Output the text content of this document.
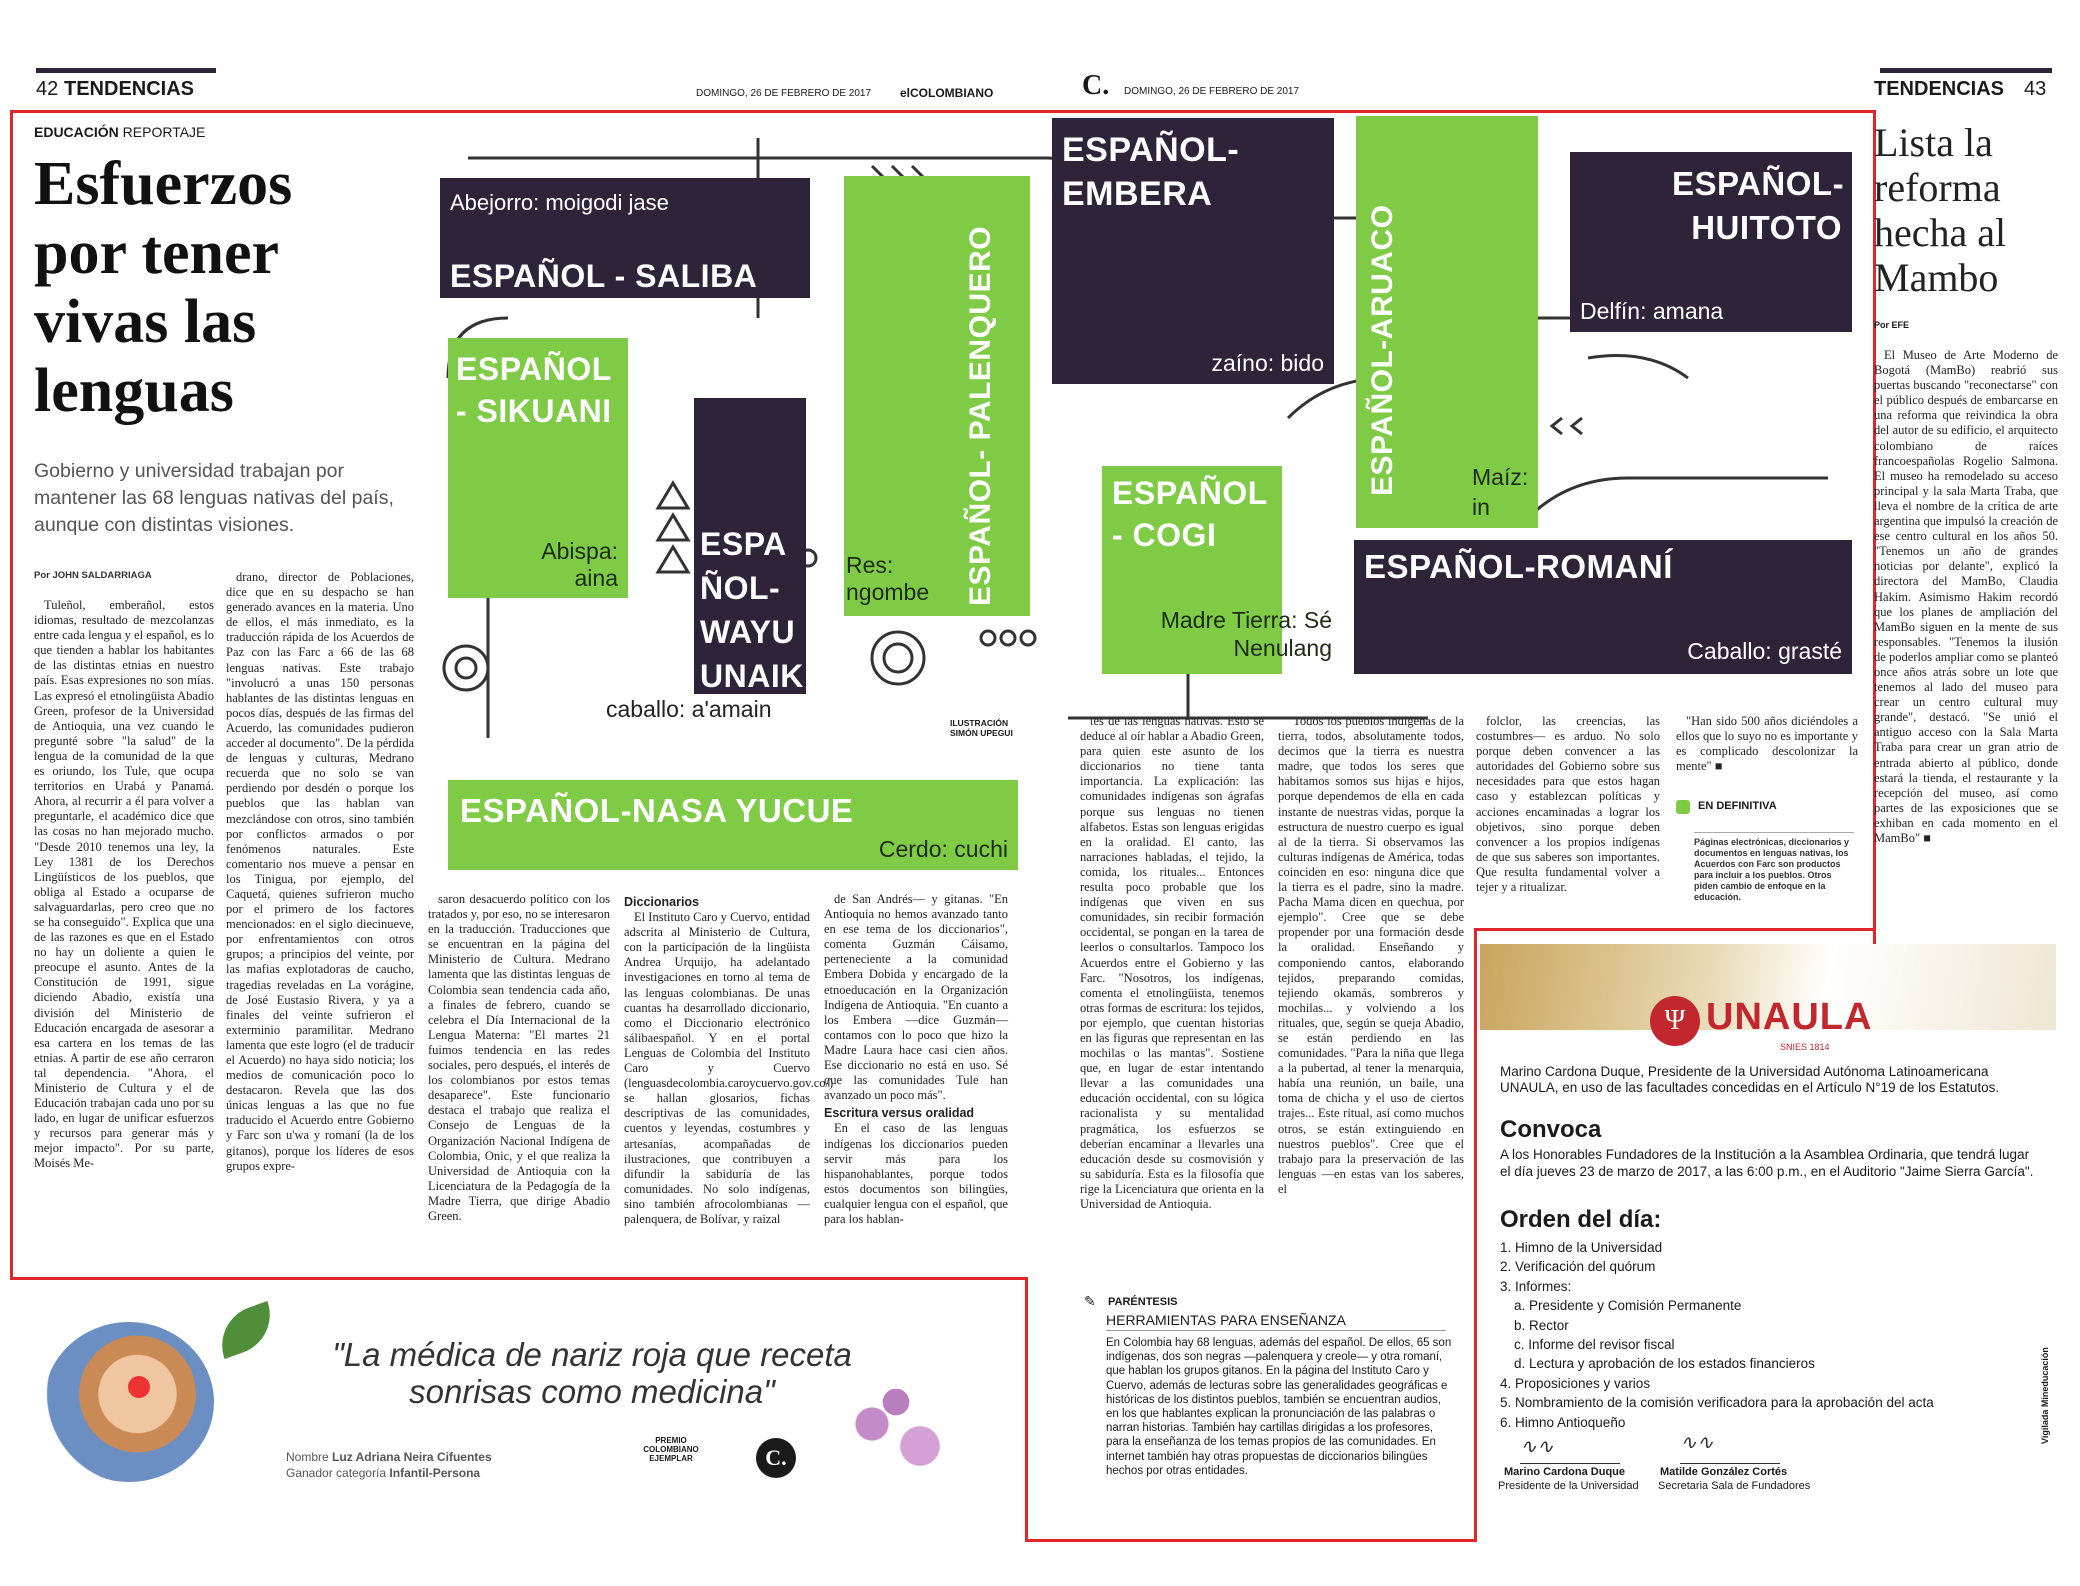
42 TENDENCIAS	DOMINGO, 26 DE FEBRERO DE 2017 elCOLOMBIANO	C. DOMINGO, 26 DE FEBRERO DE 2017	TENDENCIAS 43
EDUCACIÓN REPORTAJE
Esfuerzos por tener vivas las lenguas
Gobierno y universidad trabajan por mantener las 68 lenguas nativas del país, aunque con distintas visiones.
Por JOHN SALDARRIAGA

Tuleñol, emberañol, estos idiomas, resultado de mezcolanzas entre cada lengua y el español, es lo que tienden a hablar los habitantes de las distintas etnias en nuestro país. Esas expresiones no son mías. Las expresó el etnolingüista Abadio Green, profesor de la Universidad de Antioquia, una vez cuando le pregunté sobre "la salud" de la lengua de la comunidad de la que es oriundo, los Tule, que ocupa territorios en Urabá y Panamá. Ahora, al recurrir a él para volver a preguntarle, el académico dice que las cosas no han mejorado mucho. "Desde 2010 tenemos una ley, la Ley 1381 de los Derechos Lingüísticos de los pueblos, que obliga al Estado a ocuparse de salvaguardarlas, pero creo que no se ha conseguido". Explica que una de las razones es que en el Estado no hay un doliente a quien le preocupe el asunto. Antes de la Constitución de 1991, sigue diciendo Abadio, existía una división del Ministerio de Educación encargada de asesorar a esa cartera en los temas de las etnias. A partir de ese año cerraron tal dependencia. "Ahora, el Ministerio de Cultura y el de Educación trabajan cada uno por su lado, en lugar de unificar esfuerzos y recursos para generar más y mejor impacto". Por su parte, Moisés Me-

drano, director de Poblaciones, dice que en su despacho se han generado avances en la materia. Uno de ellos, el más inmediato, es la traducción rápida de los Acuerdos de Paz con las Farc a 66 de las 68 lenguas nativas. Este trabajo "involucró a unas 150 personas hablantes de las distintas lenguas en pocos días, después de las firmas del Acuerdo, las comunidades pudieron acceder al documento". De la pérdida de lenguas y culturas, Medrano recuerda que no solo se van perdiendo por desdén o porque los pueblos que las hablan van mezclándose con otros, sino también por conflictos armados o por fenómenos naturales. Este comentario nos mueve a pensar en los Tinigua, por ejemplo, del Caquetá, quienes sufrieron mucho por el primero de los factores mencionados: en el siglo diecinueve, por enfrentamientos con otros grupos; a principios del veinte, por las mafias explotadoras de caucho, tragedias reveladas en La vorágine, de José Eustasio Rivera, y ya a finales del veinte sufrieron el exterminio paramilitar. Medrano lamenta que este logro (el de traducir el Acuerdo) no haya sido noticia; los medios de comunicación poco lo destacaron. Revela que las dos únicas lenguas a las que no fue traducido el Acuerdo entre Gobierno y Farc son u'wa y romaní (la de los gitanos), porque los líderes de esos grupos expre-

saron desacuerdo político con los tratados y, por eso, no se interesaron en la traducción. Traducciones que se encuentran en la página del Ministerio de Cultura. Medrano lamenta que las distintas lenguas de Colombia sean tendencia cada año, a finales de febrero, cuando se celebra el Día Internacional de la Lengua Materna: "El martes 21 fuimos tendencia en las redes sociales, pero después, el interés de los colombianos por estos temas desaparece". Este funcionario destaca el trabajo que realiza el Consejo de Lenguas de la Organización Nacional Indígena de Colombia, Onic, y el que realiza la Universidad de Antioquia con la Licenciatura de la Pedagogía de la Madre Tierra, que dirige Abadio Green.

Diccionarios

El Instituto Caro y Cuervo, entidad adscrita al Ministerio de Cultura, con la participación de la lingüista Andrea Urquijo, ha adelantado investigaciones en torno al tema de las lenguas colombianas. De unas cuantas ha desarrollado diccionario, como el Diccionario electrónico sálibaespañol. Y en el portal Lenguas de Colombia del Instituto Caro y Cuervo (lenguasdecolombia.caroycuervo.gov.co/) se hallan glosarios, fichas descriptivas de las comunidades, cuentos y leyendas, costumbres y artesanías, acompañadas de ilustraciones, que contribuyen a difundir la sabiduría de las comunidades. No solo indígenas, sino también afrocolombianas — palenquera, de Bolívar, y raizal

de San Andrés— y gitanas. "En Antioquia no hemos avanzado tanto en ese tema de los diccionarios", comenta Guzmán Cáisamo, perteneciente a la comunidad Embera Dobida y encargado de la etnoeducación en la Organización Indígena de Antioquia. "En cuanto a los Embera —dice Guzmán— contamos con lo poco que hizo la Madre Laura hace casi cien años. Ese diccionario no está en uso. Sé que las comunidades Tule han avanzado un poco más".

Escritura versus oralidad

En el caso de las lenguas indígenas los diccionarios pueden servir más para los hispanohablantes, porque todos estos documentos son bilingües, cualquier lengua con el español, que para los hablan-

tes de las lenguas nativas. Esto se deduce al oír hablar a Abadio Green, para quien este asunto de los diccionarios no tiene tanta importancia. La explicación: las comunidades indígenas son ágrafas porque sus lenguas no tienen alfabetos. Estas son lenguas erigidas en la oralidad. El canto, las narraciones habladas, el tejido, la comida, los rituales... Entonces resulta poco probable que los indígenas que viven en sus comunidades, sin recibir formación occidental, se pongan en la tarea de leerlos o consultarlos. Tampoco los Acuerdos entre el Gobierno y las Farc. "Nosotros, los indígenas, comenta el etnolingüista, tenemos otras formas de escritura: los tejidos, por ejemplo, que cuentan historias en las figuras que representan en las mochilas o las mantas". Sostiene que, en lugar de estar intentando llevar a las comunidades una educación occidental, con su lógica racionalista y su mentalidad pragmática, los esfuerzos se deberían encaminar a llevarles una educación desde su cosmovisión y su sabiduría. Esta es la filosofía que rige la Licenciatura que orienta en la Universidad de Antioquia.

"Todos los pueblos indígenas de la tierra, todos, absolutamente todos, decimos que la tierra es nuestra madre, que todos los seres que habitamos somos sus hijas e hijos, porque dependemos de ella en cada instante de nuestras vidas, porque la estructura de nuestro cuerpo es igual al de la tierra. Si observamos las culturas indígenas de América, todas coinciden en eso: ninguna dice que la tierra es el padre, sino la madre. Pacha Mama dicen en quechua, por ejemplo". Cree que se debe propender por una formación desde la oralidad. Enseñando y componiendo cantos, elaborando tejidos, preparando comidas, tejiendo okamás, sombreros y mochilas... y volviendo a los rituales, que, según se queja Abadio, se están perdiendo en las comunidades. "Para la niña que llega a la pubertad, al tener la menarquia, había una reunión, un baile, una toma de chicha y el uso de ciertos trajes... Este ritual, así como muchos otros, se están extinguiendo en nuestros pueblos". Cree que el trabajo para la preservación de las lenguas —en estas van los saberes, el

folclor, las creencias, las costumbres— es arduo. No solo porque deben convencer a las autoridades del Gobierno sobre sus necesidades para que estos hagan caso y establezcan políticas y acciones encaminadas a lograr los objetivos, sino porque deben convencer a los propios indígenas de que sus saberes son importantes. Que resulta fundamental volver a tejer y a ritualizar.

"Han sido 500 años diciéndoles a ellos que lo suyo no es importante y es complicado descolonizar la mente" ■

EN DEFINITIVA
Páginas electrónicas, diccionarios y documentos en lenguas nativas, los Acuerdos con Farc son productos para incluir a los pueblos. Otros piden cambio de enfoque en la educación.
Abejorro: moigodi jase
ESPAÑOL - SALIBA
ESPAÑOL - SIKUANI
Abispa: aina
ESPA ÑOL- WAYU UNAIKI
caballo: a'amain
Res: ngombe ESPAÑOL- PALENQUERO
ESPAÑOL- EMBERA
zaíno: bido ESPAÑOL-ARUACO	Maíz: in
ESPAÑOL- HUITOTO
Delfín: amana
ESPAÑOL - COGI
Madre Tierra: Sé Nenulang
ESPAÑOL-ROMANÍ
Caballo: grasté
ESPAÑOL-NASA YUCUE
Cerdo: cuchi
ILUSTRACIÓN
SIMÓN UPEGUI
✎ PARÉNTESIS
HERRAMIENTAS PARA ENSEÑANZA
En Colombia hay 68 lenguas, además del español. De ellos, 65 son indígenas, dos son negras —palenquera y creole— y otra romaní, que hablan los grupos gitanos. En la página del Instituto Caro y Cuervo, además de lecturas sobre las generalidades geográficas e históricas de los distintos pueblos, también se encuentran audios, en los que hablantes explican la pronunciación de las palabras o narran historias. También hay cartillas dirigidas a los profesores, para la enseñanza de los temas propios de las comunidades. En internet también hay otras propuestas de diccionarios bilingües hechos por otras entidades.
Lista la reforma hecha al Mambo
Por EFE

El Museo de Arte Moderno de Bogotá (MamBo) reabrió sus puertas buscando "reconectarse" con el público después de embarcarse en una reforma que reivindica la obra del autor de su edificio, el arquitecto colombiano de raíces francoespañolas Rogelio Salmona. El museo ha remodelado su acceso principal y la sala Marta Traba, que lleva el nombre de la crítica de arte argentina que impulsó la creación de ese centro cultural en los años 50. "Tenemos un año de grandes noticias por delante", explicó la directora del MamBo, Claudia Hakim. Asimismo Hakim recordó que los planes de ampliación del MamBo siguen en la mente de sus responsables. "Tenemos la ilusión de poderlos ampliar como se planteó once años atrás sobre un lote que tenemos al lado del museo para crear un centro cultural muy grande", destacó. "Se unió el antiguo acceso con la Sala Marta Traba para crear un gran atrio de entrada abierto al público, donde estará la tienda, el restaurante y la recepción del museo, así como partes de las exposiciones que se exhiban en cada momento en el MamBo" ■

"La médica de nariz roja que receta sonrisas como medicina"
Nombre Luz Adriana Neira Cifuentes
Ganador categoría Infantil-Persona
PREMIO COLOMBIANO EJEMPLAR	C.
Ψ UNAULA
SNIES 1814
Marino Cardona Duque, Presidente de la Universidad Autónoma Latinoamericana UNAULA, en uso de las facultades concedidas en el Artículo N°19 de los Estatutos.
Convoca
A los Honorables Fundadores de la Institución a la Asamblea Ordinaria, que tendrá lugar el día jueves 23 de marzo de 2017, a las 6:00 p.m., en el Auditorio "Jaime Sierra García".
Orden del día:
1. Himno de la Universidad
2. Verificación del quórum
3. Informes:
a. Presidente y Comisión Permanente
b. Rector
c. Informe del revisor fiscal
d. Lectura y aprobación de los estados financieros
4. Proposiciones y varios
5. Nombramiento de la comisión verificadora para la aprobación del acta
6. Himno Antioqueño
∿∿
Marino Cardona Duque
Presidente de la Universidad
∿∿
Matilde González Cortés
Secretaria Sala de Fundadores
Vigilada Mineducación
